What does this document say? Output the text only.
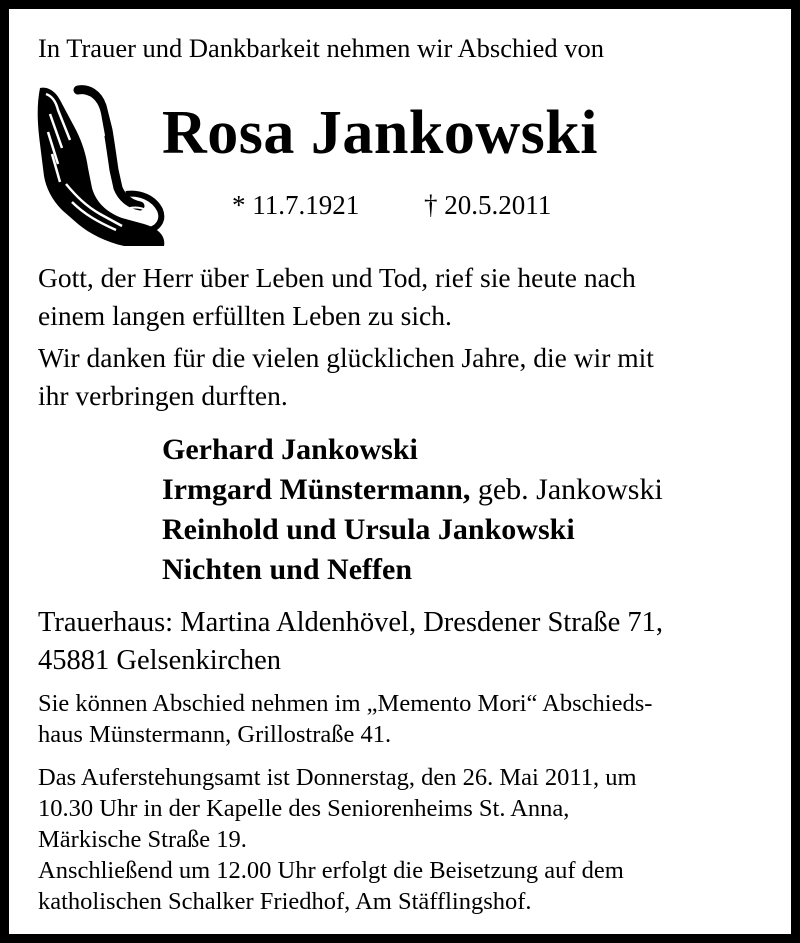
In Trauer und Dankbarkeit nehmen wir Abschied von
Rosa Jankowski
* 11.7.1921 † 20.5.2011
Gott, der Herr über Leben und Tod, rief sie heute nach
einem langen erfüllten Leben zu sich.
Wir danken für die vielen glücklichen Jahre, die wir mit
ihr verbringen durften.
Gerhard Jankowski
Irmgard Münstermann, geb. Jankowski
Reinhold und Ursula Jankowski
Nichten und Neffen
Trauerhaus: Martina Aldenhövel, Dresdener Straße 71,
45881 Gelsenkirchen
Sie können Abschied nehmen im „Memento Mori“ Abschieds-
haus Münstermann, Grillostraße 41.
Das Auferstehungsamt ist Donnerstag, den 26. Mai 2011, um
10.30 Uhr in der Kapelle des Seniorenheims St. Anna,
Märkische Straße 19.
Anschließend um 12.00 Uhr erfolgt die Beisetzung auf dem
katholischen Schalker Friedhof, Am Stäfflingshof.
